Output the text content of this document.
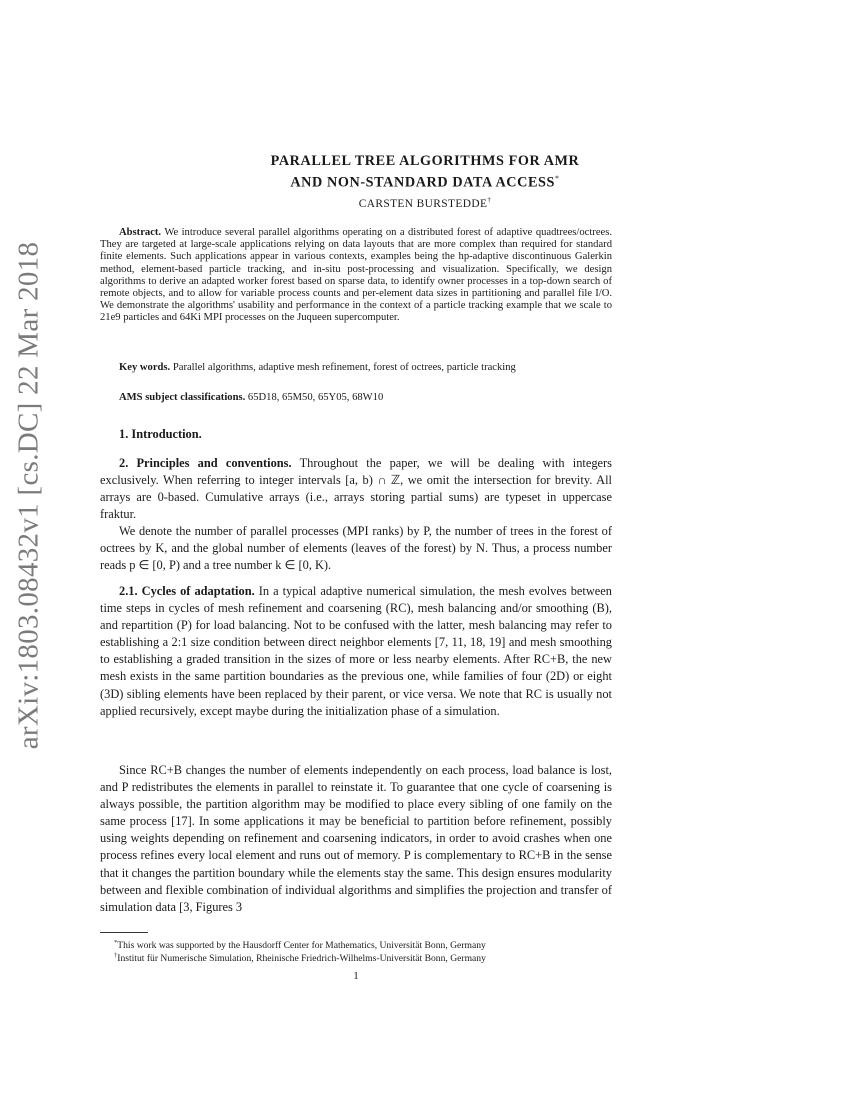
arXiv:1803.08432v1 [cs.DC] 22 Mar 2018
PARALLEL TREE ALGORITHMS FOR AMR
AND NON-STANDARD DATA ACCESS*
CARSTEN BURSTEDDE†

Abstract. We introduce several parallel algorithms operating on a distributed forest of adaptive quadtrees/octrees. They are targeted at large-scale applications relying on data layouts that are more complex than required for standard finite elements. Such applications appear in various contexts, examples being the hp-adaptive discontinuous Galerkin method, element-based particle tracking, and in-situ post-processing and visualization. Specifically, we design algorithms to derive an adapted worker forest based on sparse data, to identify owner processes in a top-down search of remote objects, and to allow for variable process counts and per-element data sizes in partitioning and parallel file I/O. We demonstrate the algorithms' usability and performance in the context of a particle tracking example that we scale to 21e9 particles and 64Ki MPI processes on the Juqueen supercomputer.

Key words. Parallel algorithms, adaptive mesh refinement, forest of octrees, particle tracking

AMS subject classifications. 65D18, 65M50, 65Y05, 68W10

1. Introduction.

2. Principles and conventions. Throughout the paper, we will be dealing with integers exclusively. When referring to integer intervals [a, b) ∩ ℤ, we omit the intersection for brevity. All arrays are 0-based. Cumulative arrays (i.e., arrays storing partial sums) are typeset in uppercase fraktur.

We denote the number of parallel processes (MPI ranks) by P, the number of trees in the forest of octrees by K, and the global number of elements (leaves of the forest) by N. Thus, a process number reads p ∈ [0, P) and a tree number k ∈ [0, K).

2.1. Cycles of adaptation. In a typical adaptive numerical simulation, the mesh evolves between time steps in cycles of mesh refinement and coarsening (RC), mesh balancing and/or smoothing (B), and repartition (P) for load balancing. Not to be confused with the latter, mesh balancing may refer to establishing a 2:1 size condition between direct neighbor elements [7, 11, 18, 19] and mesh smoothing to establishing a graded transition in the sizes of more or less nearby elements. After RC+B, the new mesh exists in the same partition boundaries as the previous one, while families of four (2D) or eight (3D) sibling elements have been replaced by their parent, or vice versa. We note that RC is usually not applied recursively, except maybe during the initialization phase of a simulation.

Since RC+B changes the number of elements independently on each process, load balance is lost, and P redistributes the elements in parallel to reinstate it. To guarantee that one cycle of coarsening is always possible, the partition algorithm may be modified to place every sibling of one family on the same process [17]. In some applications it may be beneficial to partition before refinement, possibly using weights depending on refinement and coarsening indicators, in order to avoid crashes when one process refines every local element and runs out of memory. P is complementary to RC+B in the sense that it changes the partition boundary while the elements stay the same. This design ensures modularity between and flexible combination of individual algorithms and simplifies the projection and transfer of simulation data [3, Figures 3

*This work was supported by the Hausdorff Center for Mathematics, Universität Bonn, Germany

†Institut für Numerische Simulation, Rheinische Friedrich-Wilhelms-Universität Bonn, Germany

1
